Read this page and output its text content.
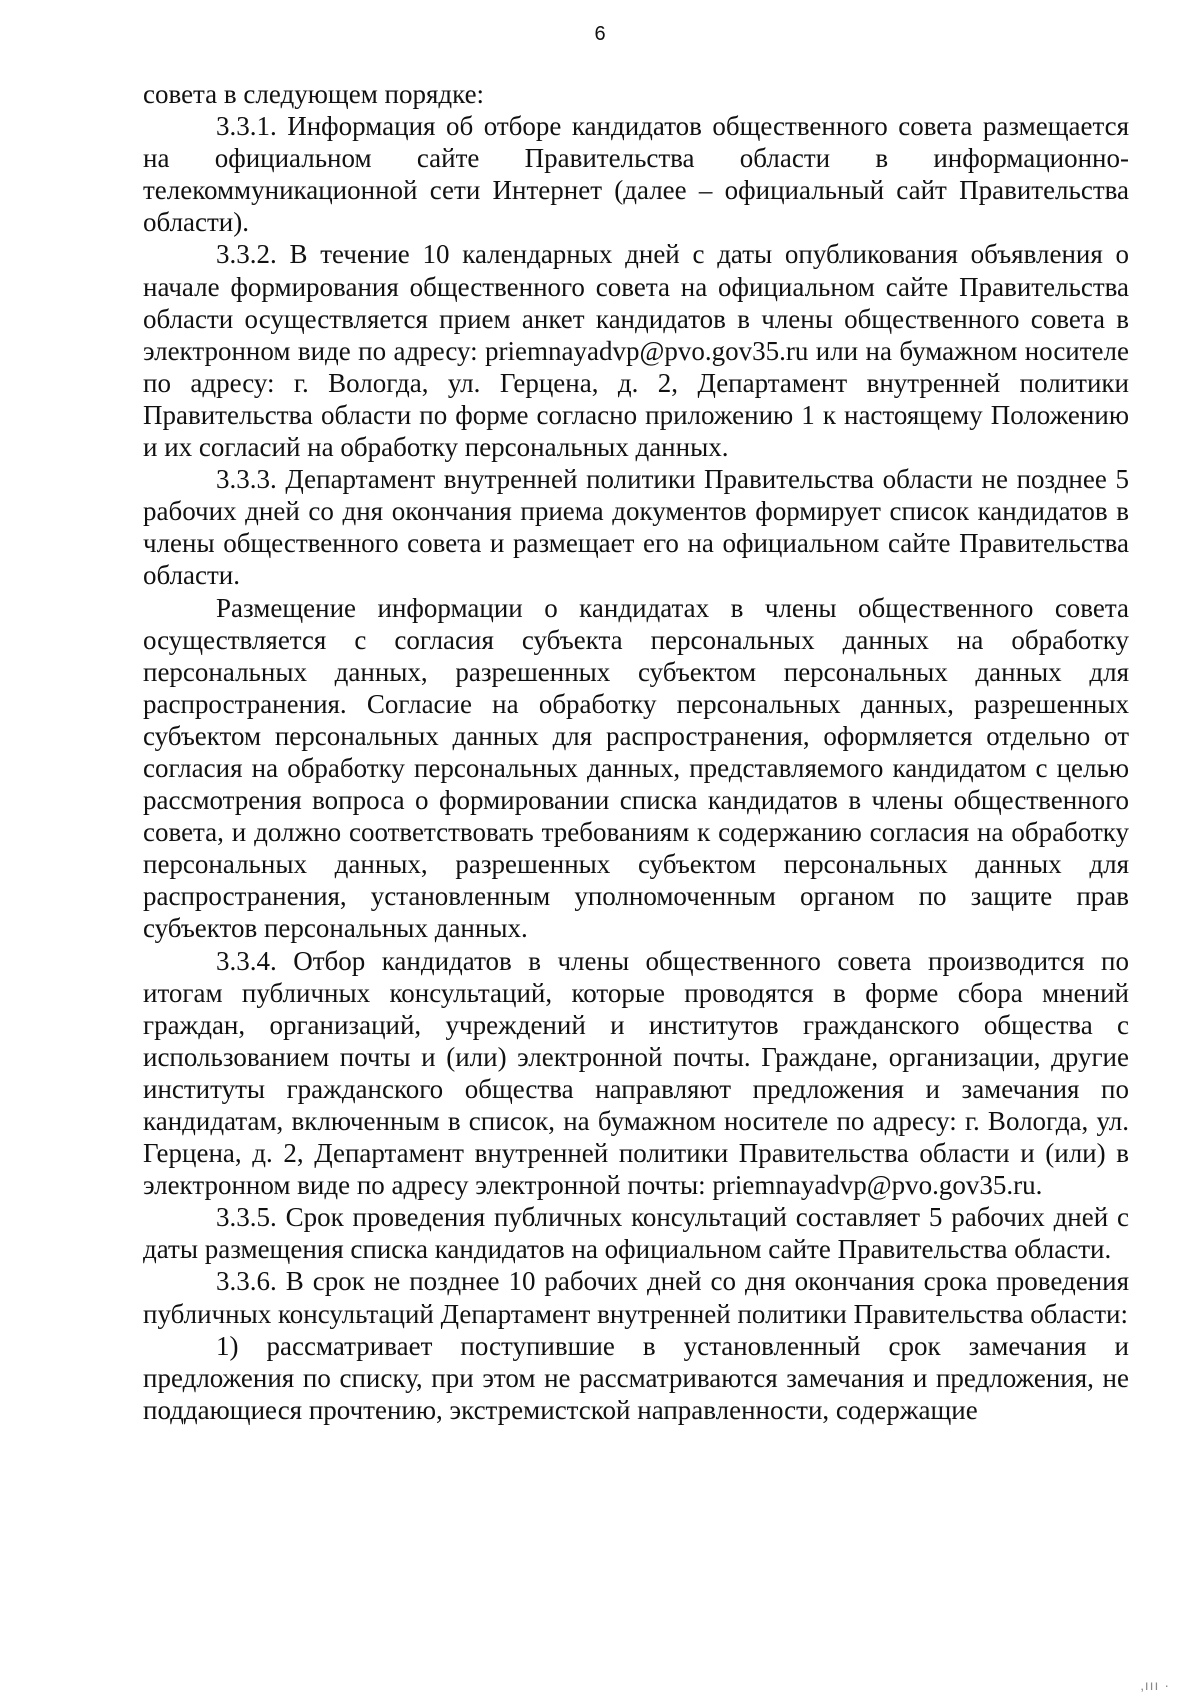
6

совета в следующем порядке:

3.3.1. Информация об отборе кандидатов общественного совета размещается на официальном сайте Правительства области в информационно-телекоммуникационной сети Интернет (далее – официальный сайт Правительства области).

3.3.2. В течение 10 календарных дней с даты опубликования объявления о начале формирования общественного совета на официальном сайте Правительства области осуществляется прием анкет кандидатов в члены общественного совета в электронном виде по адресу: priemnayadvp@pvo.gov35.ru или на бумажном носителе по адресу: г. Вологда, ул. Герцена, д. 2, Департамент внутренней политики Правительства области по форме согласно приложению 1 к настоящему Положению и их согласий на обработку персональных данных.

3.3.3. Департамент внутренней политики Правительства области не позднее 5 рабочих дней со дня окончания приема документов формирует список кандидатов в члены общественного совета и размещает его на официальном сайте Правительства области.

Размещение информации о кандидатах в члены общественного совета осуществляется с согласия субъекта персональных данных на обработку персональных данных, разрешенных субъектом персональных данных для распространения. Согласие на обработку персональных данных, разрешенных субъектом персональных данных для распространения, оформляется отдельно от согласия на обработку персональных данных, представляемого кандидатом с целью рассмотрения вопроса о формировании списка кандидатов в члены общественного совета, и должно соответствовать требованиям к содержанию согласия на обработку персональных данных, разрешенных субъектом персональных данных для распространения, установленным уполномоченным органом по защите прав субъектов персональных данных.

3.3.4. Отбор кандидатов в члены общественного совета производится по итогам публичных консультаций, которые проводятся в форме сбора мнений граждан, организаций, учреждений и институтов гражданского общества с использованием почты и (или) электронной почты. Граждане, организации, другие институты гражданского общества направляют предложения и замечания по кандидатам, включенным в список, на бумажном носителе по адресу: г. Вологда, ул. Герцена, д. 2, Департамент внутренней политики Правительства области и (или) в электронном виде по адресу электронной почты: priemnayadvp@pvo.gov35.ru.

3.3.5. Срок проведения публичных консультаций составляет 5 рабочих дней с даты размещения списка кандидатов на официальном сайте Правительства области.

3.3.6. В срок не позднее 10 рабочих дней со дня окончания срока проведения публичных консультаций Департамент внутренней политики Правительства области:

1) рассматривает поступившие в установленный срок замечания и предложения по списку, при этом не рассматриваются замечания и предложения, не поддающиеся прочтению, экстремистской направленности, содержащие

‚ııı ·
